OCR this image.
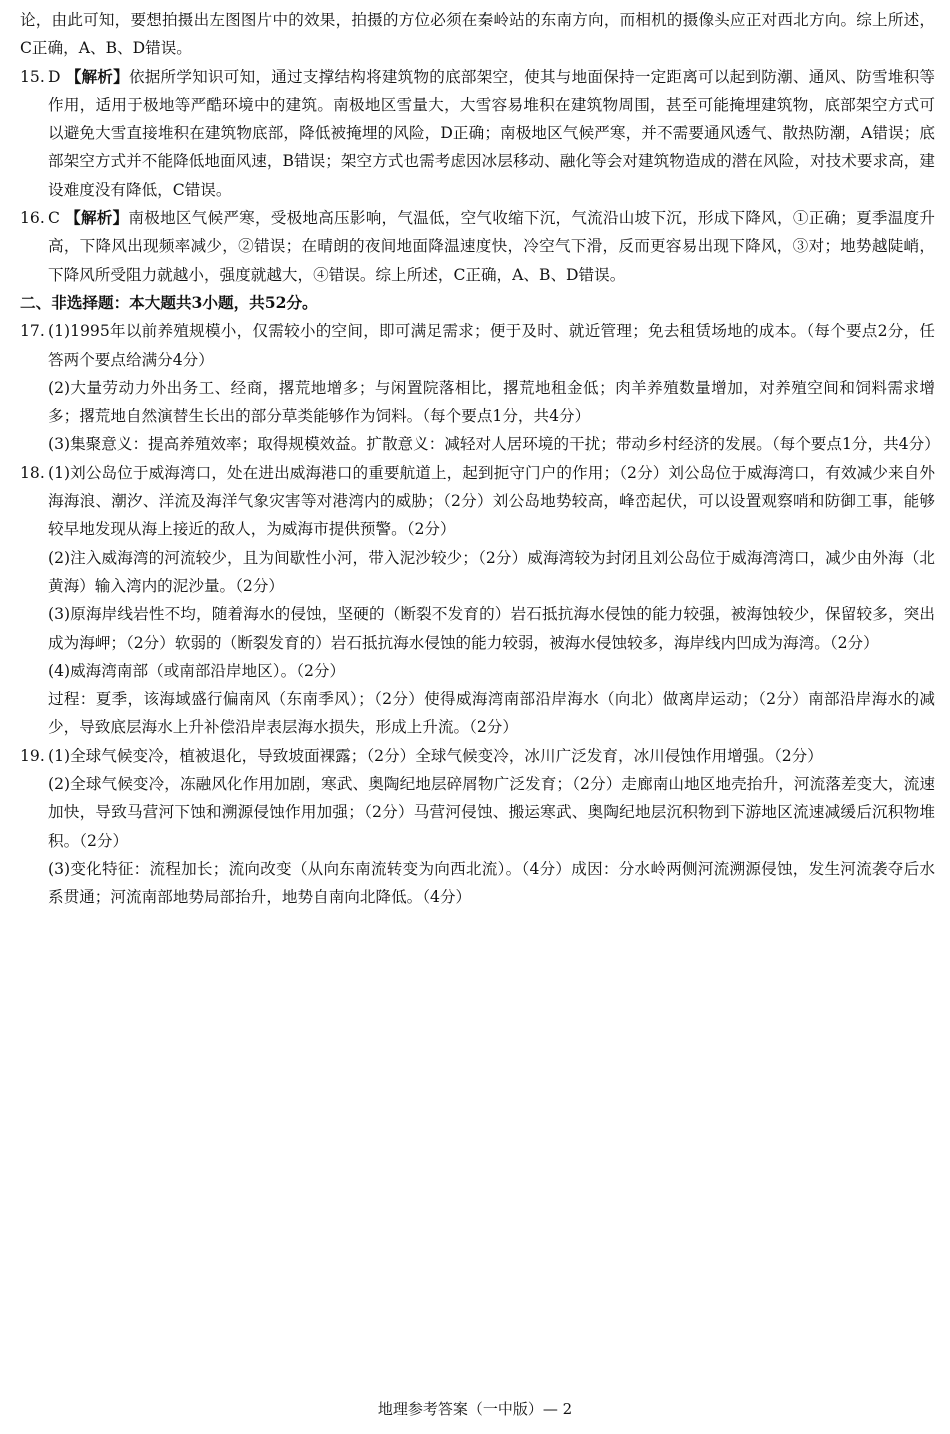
论，由此可知，要想拍摄出左图图片中的效果，拍摄的方位必须在秦岭站的东南方向，而相机的摄像头应正对西北方向。综上所述，C正确，A、B、D错误。

15. D 【解析】依据所学知识可知，通过支撑结构将建筑物的底部架空，使其与地面保持一定距离可以起到防潮、通风、防雪堆积等作用，适用于极地等严酷环境中的建筑。南极地区雪量大，大雪容易堆积在建筑物周围，甚至可能掩埋建筑物，底部架空方式可以避免大雪直接堆积在建筑物底部，降低被掩埋的风险，D正确；南极地区气候严寒，并不需要通风透气、散热防潮，A错误；底部架空方式并不能降低地面风速，B错误；架空方式也需考虑因冰层移动、融化等会对建筑物造成的潜在风险，对技术要求高，建设难度没有降低，C错误。
16. C 【解析】南极地区气候严寒，受极地高压影响，气温低，空气收缩下沉，气流沿山坡下沉，形成下降风，①正确；夏季温度升高，下降风出现频率减少，②错误；在晴朗的夜间地面降温速度快，冷空气下滑，反而更容易出现下降风，③对；地势越陡峭，下降风所受阻力就越小，强度就越大，④错误。综上所述，C正确，A、B、D错误。

二、非选择题：本大题共3小题，共52分。

17. (1)1995年以前养殖规模小，仅需较小的空间，即可满足需求；便于及时、就近管理；免去租赁场地的成本。（每个要点2分，任答两个要点给满分4分）

(2)大量劳动力外出务工、经商，撂荒地增多；与闲置院落相比，撂荒地租金低；肉羊养殖数量增加，对养殖空间和饲料需求增多；撂荒地自然演替生长出的部分草类能够作为饲料。（每个要点1分，共4分）

(3)集聚意义：提高养殖效率；取得规模效益。扩散意义：减轻对人居环境的干扰；带动乡村经济的发展。（每个要点1分，共4分）

18. (1)刘公岛位于威海湾口，处在进出威海港口的重要航道上，起到扼守门户的作用；（2分）刘公岛位于威海湾口，有效减少来自外海海浪、潮汐、洋流及海洋气象灾害等对港湾内的威胁；（2分）刘公岛地势较高，峰峦起伏，可以设置观察哨和防御工事，能够较早地发现从海上接近的敌人，为威海市提供预警。（2分）

(2)注入威海湾的河流较少，且为间歇性小河，带入泥沙较少；（2分）威海湾较为封闭且刘公岛位于威海湾湾口，减少由外海（北黄海）输入湾内的泥沙量。（2分）

(3)原海岸线岩性不均，随着海水的侵蚀，坚硬的（断裂不发育的）岩石抵抗海水侵蚀的能力较强，被海蚀较少，保留较多，突出成为海岬；（2分）软弱的（断裂发育的）岩石抵抗海水侵蚀的能力较弱，被海水侵蚀较多，海岸线内凹成为海湾。（2分）

(4)威海湾南部（或南部沿岸地区）。（2分）

过程：夏季，该海域盛行偏南风（东南季风）；（2分）使得威海湾南部沿岸海水（向北）做离岸运动；（2分）南部沿岸海水的减少，导致底层海水上升补偿沿岸表层海水损失，形成上升流。（2分）

19. (1)全球气候变冷，植被退化，导致坡面裸露；（2分）全球气候变冷，冰川广泛发育，冰川侵蚀作用增强。（2分）

(2)全球气候变冷，冻融风化作用加剧，寒武、奥陶纪地层碎屑物广泛发育；（2分）走廊南山地区地壳抬升，河流落差变大，流速加快，导致马营河下蚀和溯源侵蚀作用加强；（2分）马营河侵蚀、搬运寒武、奥陶纪地层沉积物到下游地区流速减缓后沉积物堆积。（2分）

(3)变化特征：流程加长；流向改变（从向东南流转变为向西北流）。（4分）成因：分水岭两侧河流溯源侵蚀，发生河流袭夺后水系贯通；河流南部地势局部抬升，地势自南向北降低。（4分）

地理参考答案（一中版）— 2
